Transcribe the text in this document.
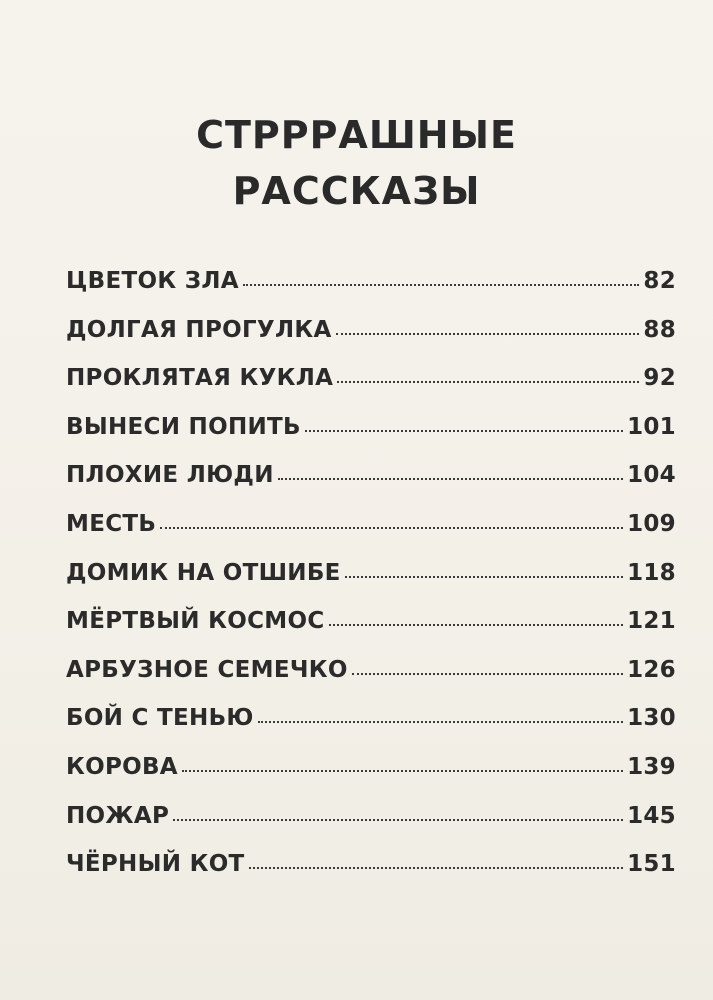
СТРРРАШНЫЕ
РАССКАЗЫ
ЦВЕТОК ЗЛА	82
ДОЛГАЯ ПРОГУЛКА	88
ПРОКЛЯТАЯ КУКЛА	92
ВЫНЕСИ ПОПИТЬ	101
ПЛОХИЕ ЛЮДИ	104
МЕСТЬ	109
ДОМИК НА ОТШИБЕ	118
МЁРТВЫЙ КОСМОС	121
АРБУЗНОЕ СЕМЕЧКО	126
БОЙ С ТЕНЬЮ	130
КОРОВА	139
ПОЖАР	145
ЧЁРНЫЙ КОТ	151
